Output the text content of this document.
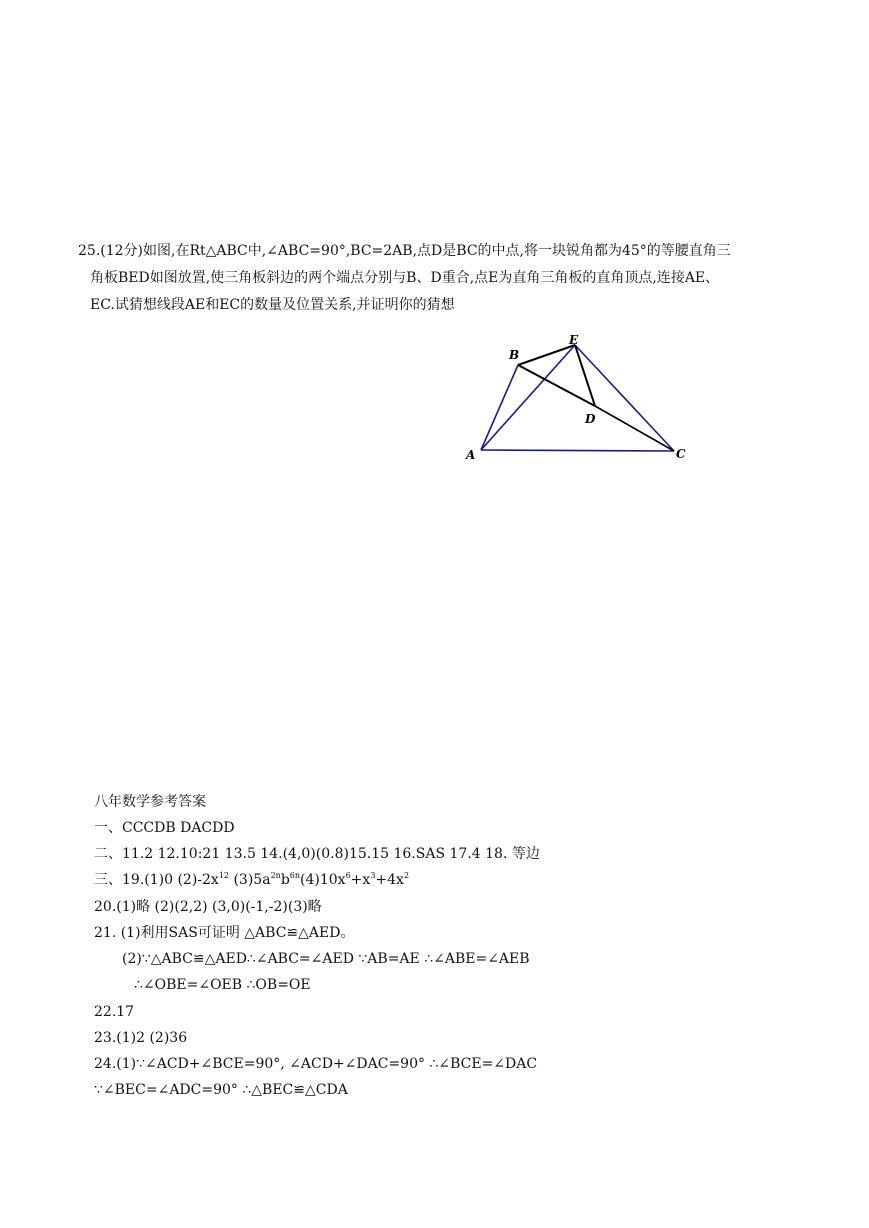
25.(12分)如图,在Rt△ABC中,∠ABC=90°,BC=2AB,点D是BC的中点,将一块锐角都为45°的等腰直角三
角板BED如图放置,使三角板斜边的两个端点分别与B、D重合,点E为直角三角板的直角顶点,连接AE、
EC.试猜想线段AE和EC的数量及位置关系,并证明你的猜想
B
E
D
A	C
八年数学参考答案
一、CCCDB DACDD
二、11.2 12.10:21 13.5 14.(4,0)(0.8)15.15 16.SAS 17.4 18. 等边
三、19.(1)0 $(2)-2x^{12}$ $(3)5a^{2n}b^{6n}(4)10x^6+x^3+4x^2$
20.(1)略 (2)(2,2) (3,0)(-1,-2)(3)略
21. (1)利用SAS可证明 △ABC≌△AED。
(2)∵△ABC≌△AED∴∠ABC=∠AED ∵AB=AE ∴∠ABE=∠AEB
∴∠OBE=∠OEB ∴OB=OE
22.17
23.(1)2 (2)36
24.(1)∵∠ACD+∠BCE=90°, ∠ACD+∠DAC=90° ∴∠BCE=∠DAC
∵∠BEC=∠ADC=90° ∴△BEC≌△CDA
